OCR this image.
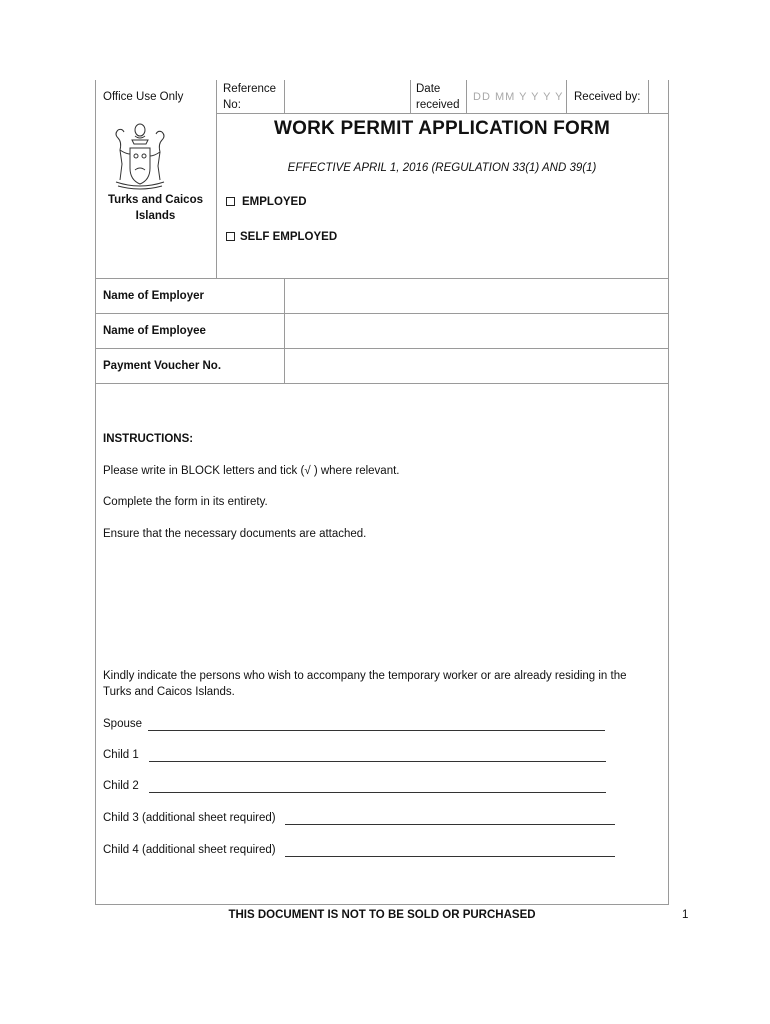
Office Use Only
Reference
No:
Date
received
DD MM Y Y Y Y Received by:
Turks and Caicos
Islands
WORK PERMIT APPLICATION FORM
EFFECTIVE APRIL 1, 2016 (REGULATION 33(1) AND 39(1)
EMPLOYED
SELF EMPLOYED
Name of Employer
Name of Employee
Payment Voucher No.
INSTRUCTIONS:
Please write in BLOCK letters and tick (√ ) where relevant.
Complete the form in its entirety.
Ensure that the necessary documents are attached.
Kindly indicate the persons who wish to accompany the temporary worker or are already residing in the
Turks and Caicos Islands.
Spouse
Child 1
Child 2
Child 3 (additional sheet required)
Child 4 (additional sheet required)
THIS DOCUMENT IS NOT TO BE SOLD OR PURCHASED	1
